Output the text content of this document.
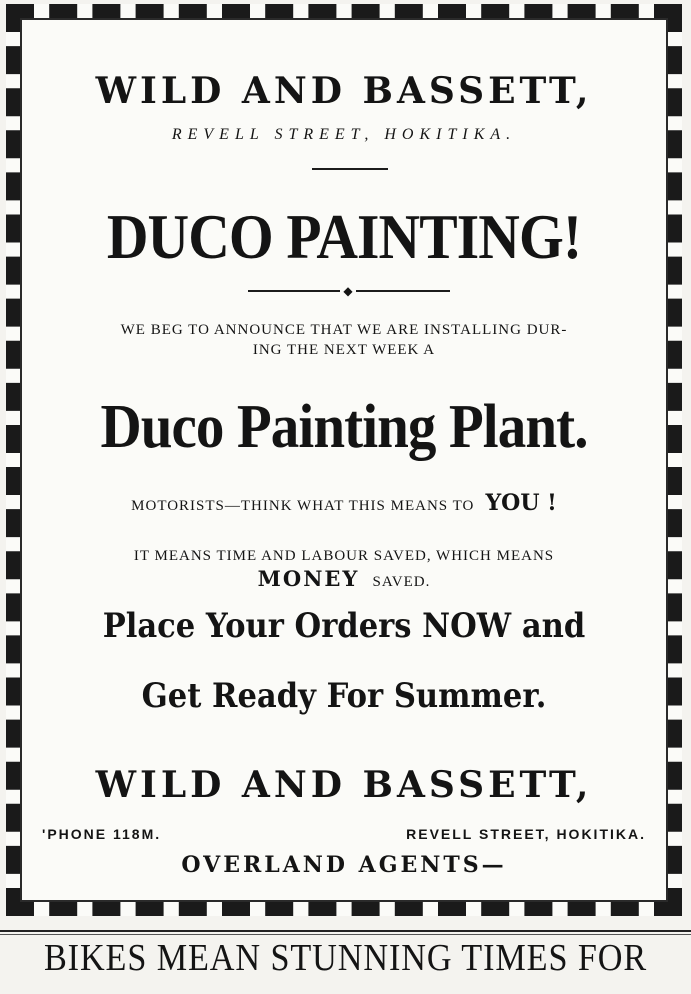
WILD AND BASSETT,
REVELL STREET, HOKITIKA.
DUCO PAINTING!
◆
WE BEG TO ANNOUNCE THAT WE ARE INSTALLING DUR-
ING THE NEXT WEEK A
Duco Painting Plant.
MOTORISTS—THINK WHAT THIS MEANS TO YOU !
IT MEANS TIME AND LABOUR SAVED, WHICH MEANS
MONEY SAVED.
Place Your Orders NOW and
Get Ready For Summer.
WILD AND BASSETT,
'PHONE 118M.	REVELL STREET, HOKITIKA.
OVERLAND AGENTS—
BIKES MEAN STUNNING TIMES FOR
